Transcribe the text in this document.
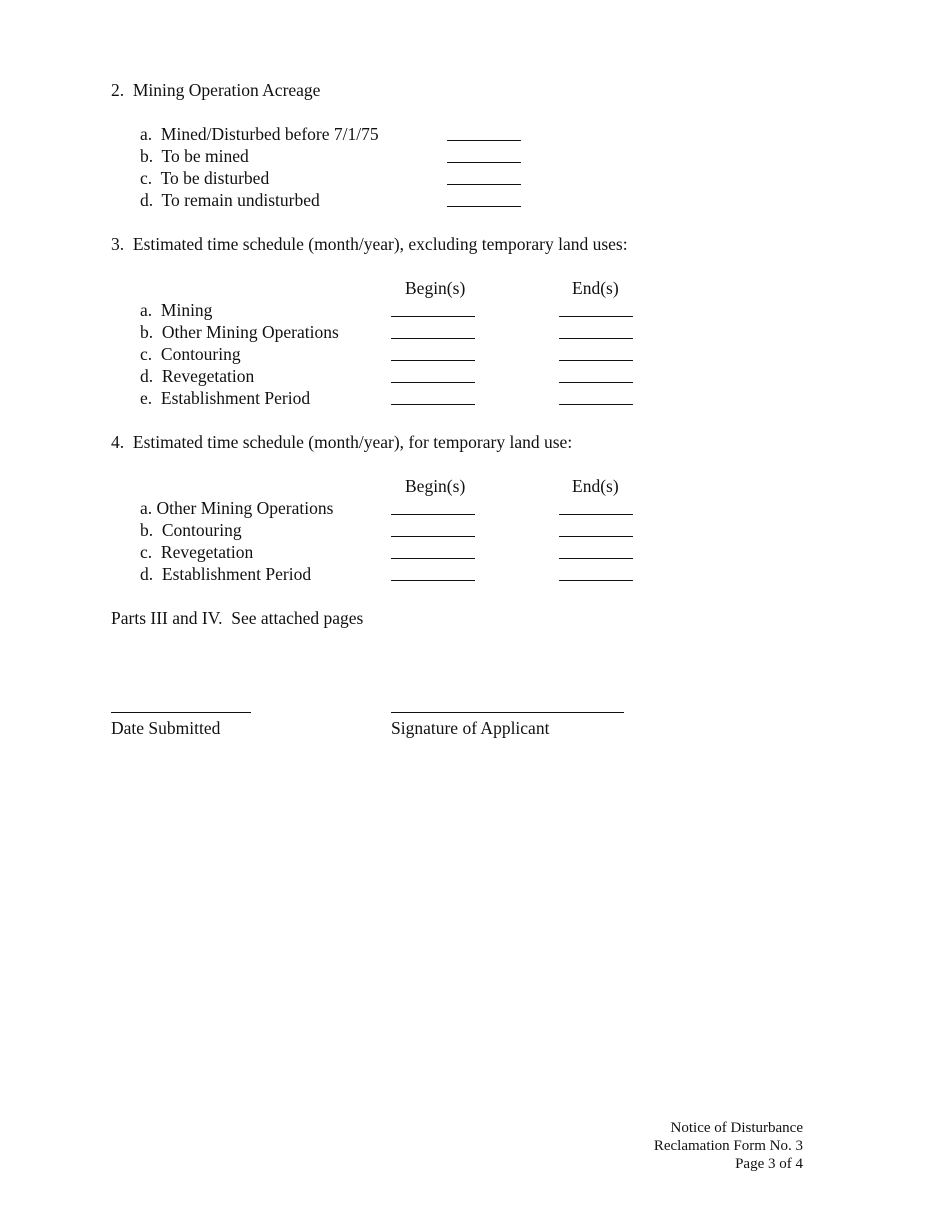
2.  Mining Operation Acreage
a.  Mined/Disturbed before 7/1/75
b.  To be mined
c.  To be disturbed
d.  To remain undisturbed
3.  Estimated time schedule (month/year), excluding temporary land uses:
Begin(s)	End(s)
a.  Mining
b.  Other Mining Operations
c.  Contouring
d.  Revegetation
e.  Establishment Period
4.  Estimated time schedule (month/year), for temporary land use:
Begin(s)	End(s)
a. Other Mining Operations
b.  Contouring
c.  Revegetation
d.  Establishment Period
Parts III and IV.  See attached pages
Date Submitted	Signature of Applicant
Notice of Disturbance
Reclamation Form No. 3
Page 3 of 4
